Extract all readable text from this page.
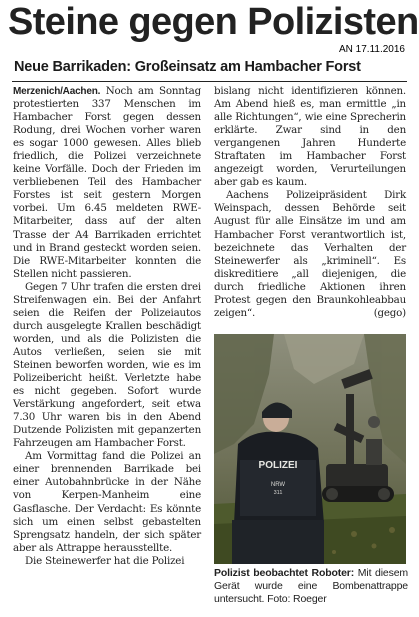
Steine gegen Polizisten
AN 17.11.2016
Neue Barrikaden: Großeinsatz am Hambacher Forst

Merzenich/Aachen. Noch am Sonntag protestierten 337 Menschen im Hambacher Forst gegen dessen Rodung, drei Wochen vorher waren es sogar 1000 gewesen. Alles blieb friedlich, die Polizei verzeichnete keine Vorfälle. Doch der Frieden im verbliebenen Teil des Hambacher Forstes ist seit gestern Morgen vorbei. Um 6.45 meldeten RWE-Mitarbeiter, dass auf der alten Trasse der A4 Barrikaden errichtet und in Brand gesteckt worden seien. Die RWE-Mitarbeiter konnten die Stellen nicht passieren.

Gegen 7 Uhr trafen die ersten drei Streifenwagen ein. Bei der Anfahrt seien die Reifen der Polizeiautos durch ausgelegte Krallen beschädigt worden, und als die Polizisten die Autos verließen, seien sie mit Steinen beworfen worden, wie es im Polizeibericht heißt. Verletzte habe es nicht gegeben. Sofort wurde Verstärkung angefordert, seit etwa 7.30 Uhr waren bis in den Abend Dutzende Polizisten mit gepanzerten Fahrzeugen am Hambacher Forst.

Am Vormittag fand die Polizei an einer brennenden Barrikade bei einer Autobahnbrücke in der Nähe von Kerpen-Manheim eine Gasflasche. Der Verdacht: Es könnte sich um einen selbst gebastelten Sprengsatz handeln, der sich später aber als Attrappe herausstellte.

Die Steinewerfer hat die Polizei

bislang nicht identifizieren können. Am Abend hieß es, man ermittle „in alle Richtungen“, wie eine Sprecherin erklärte. Zwar sind in den vergangenen Jahren Hunderte Straftaten im Hambacher Forst angezeigt worden, Verurteilungen aber gab es kaum.

Aachens Polizeipräsident Dirk Weinspach, dessen Behörde seit August für alle Einsätze im und am Hambacher Forst verantwortlich ist, bezeichnete das Verhalten der Steinewerfer als „kriminell“. Es diskreditiere „all diejenigen, die durch friedliche Aktionen ihren Protest gegen den Braunkohleabbau zeigen“.	(gego)

POLIZEI
NRW
311
Polizist beobachtet Roboter: Mit diesem Gerät wurde eine Bombenattrappe untersucht. Foto: Roeger
